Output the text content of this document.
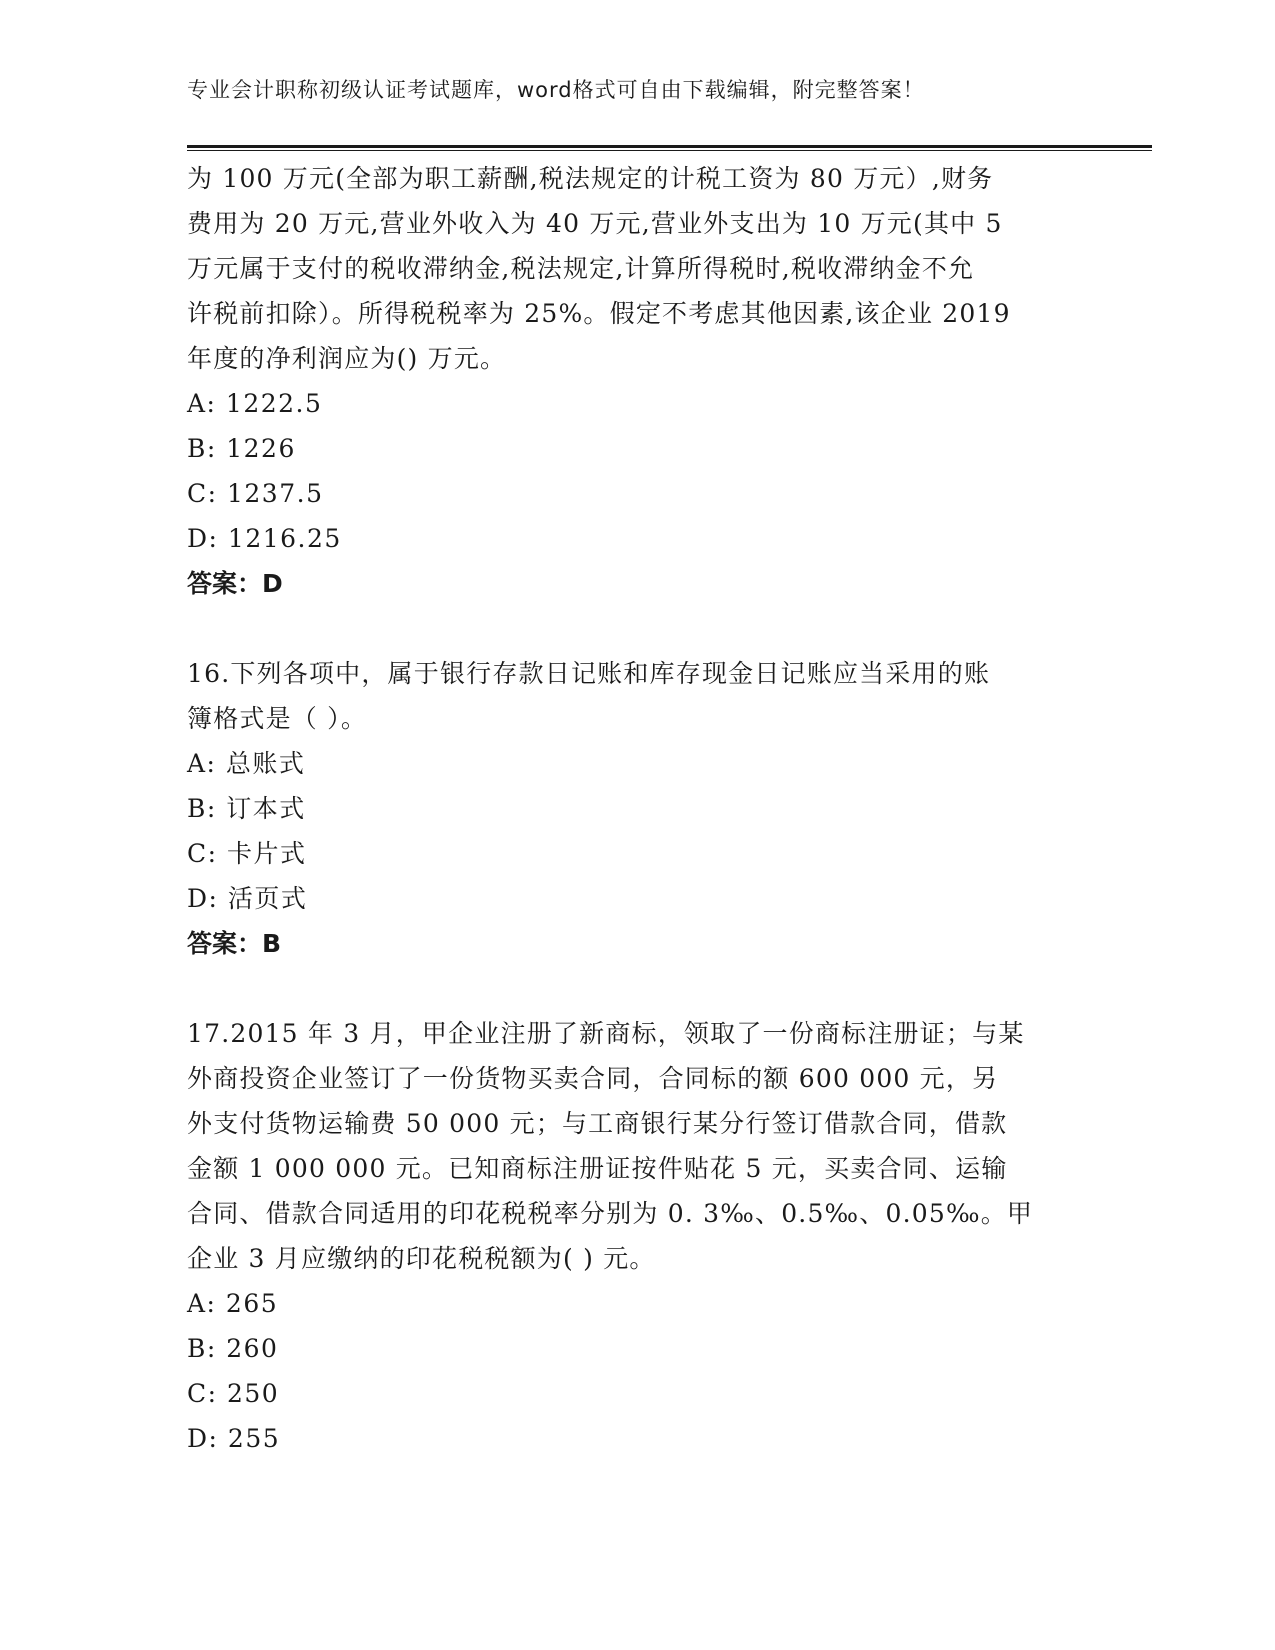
专业会计职称初级认证考试题库，word格式可自由下载编辑，附完整答案！
为 100 万元(全部为职工薪酬,税法规定的计税工资为 80 万元）,财务
费用为 20 万元,营业外收入为 40 万元,营业外支出为 10 万元(其中 5
万元属于支付的税收滞纳金,税法规定,计算所得税时,税收滞纳金不允
许税前扣除）。所得税税率为 25%。假定不考虑其他因素,该企业 2019
年度的净利润应为() 万元。
A: 1222.5
B: 1226
C: 1237.5
D: 1216.25
答案：D
16.下列各项中，属于银行存款日记账和库存现金日记账应当采用的账
簿格式是（ ）。
A: 总账式
B: 订本式
C: 卡片式
D: 活页式
答案：B
17.2015 年 3 月，甲企业注册了新商标，领取了一份商标注册证；与某
外商投资企业签订了一份货物买卖合同，合同标的额 600 000 元，另
外支付货物运输费 50 000 元；与工商银行某分行签订借款合同，借款
金额 1 000 000 元。已知商标注册证按件贴花 5 元，买卖合同、运输
合同、借款合同适用的印花税税率分别为 0. 3‰、0.5‰、0.05‰。甲
企业 3 月应缴纳的印花税税额为( ) 元。
A: 265
B: 260
C: 250
D: 255
